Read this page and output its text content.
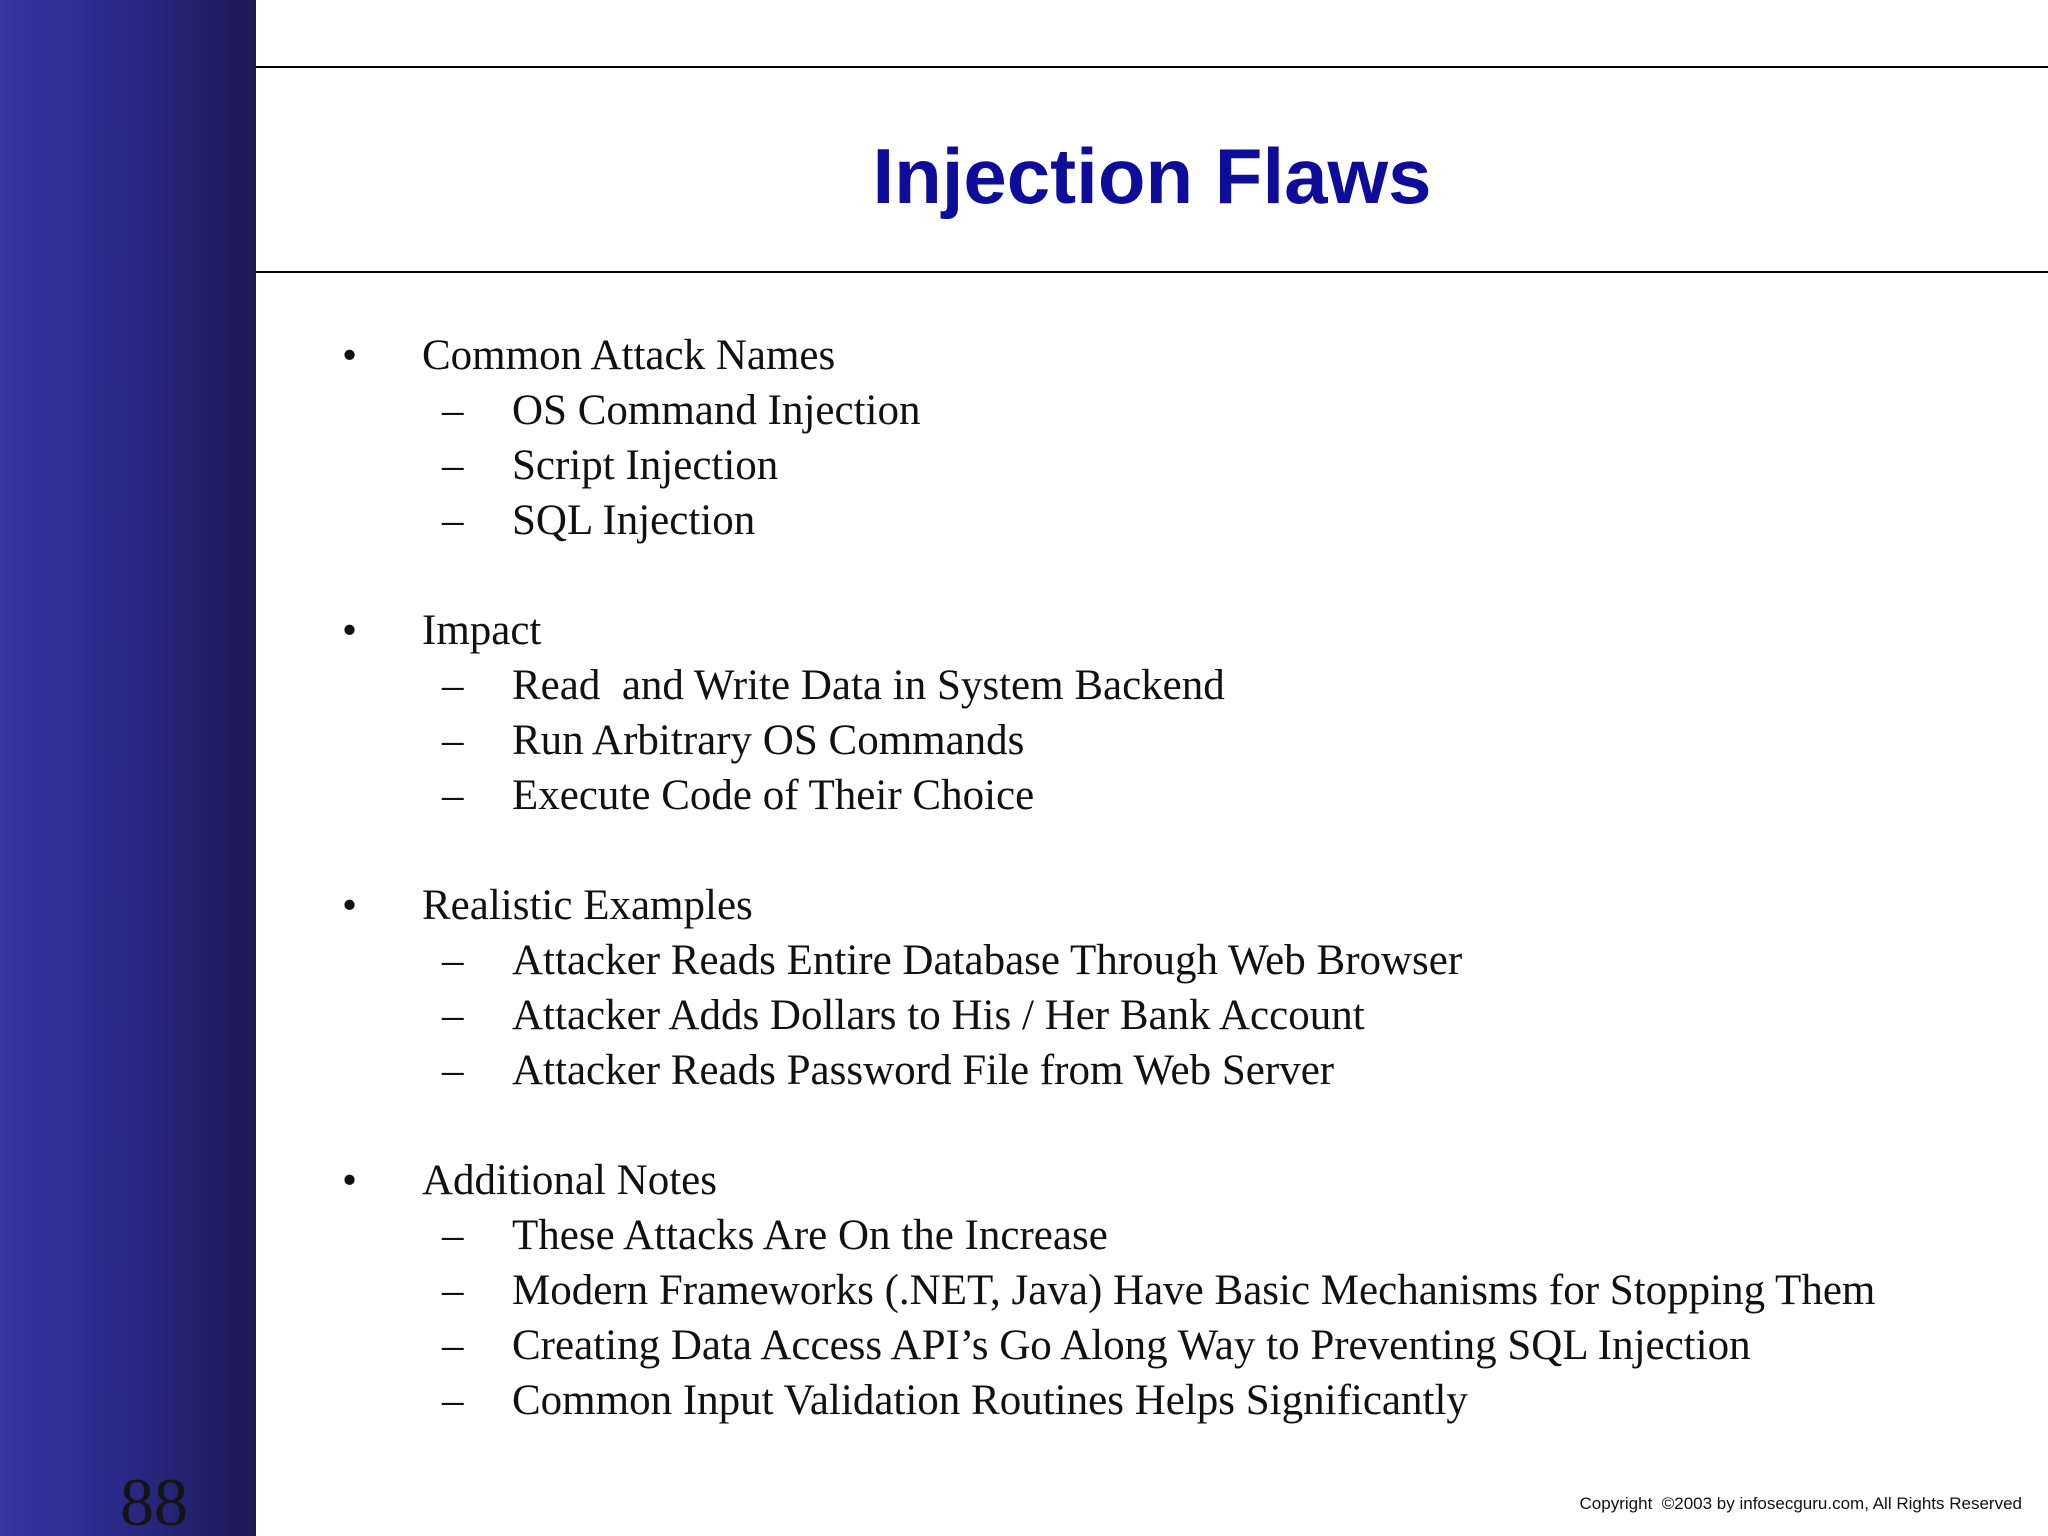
88
Injection Flaws
• Common Attack Names
– OS Command Injection
– Script Injection
– SQL Injection
• Impact
– Read  and Write Data in System Backend
– Run Arbitrary OS Commands
– Execute Code of Their Choice
• Realistic Examples
– Attacker Reads Entire Database Through Web Browser
– Attacker Adds Dollars to His / Her Bank Account
– Attacker Reads Password File from Web Server
• Additional Notes
– These Attacks Are On the Increase
– Modern Frameworks (.NET, Java) Have Basic Mechanisms for Stopping Them
– Creating Data Access API’s Go Along Way to Preventing SQL Injection
– Common Input Validation Routines Helps Significantly
Copyright  ©2003 by infosecguru.com, All Rights Reserved
